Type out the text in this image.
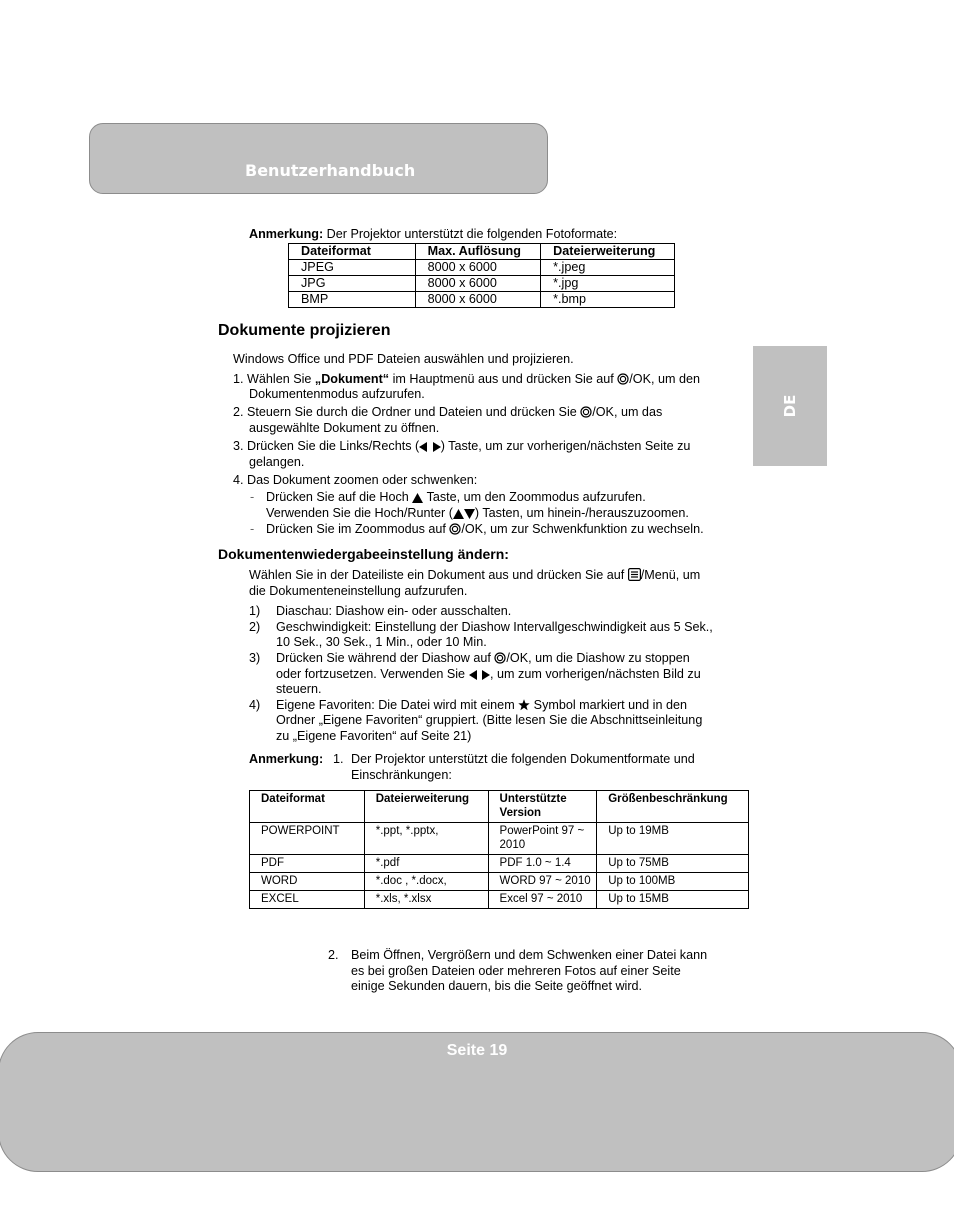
Benutzerhandbuch
DE
Anmerkung: Der Projektor unterstützt die folgenden Fotoformate:
Dateiformat	Max. Auflösung	Dateierweiterung
JPEG	8000 x 6000	*.jpeg
JPG	8000 x 6000	*.jpg
BMP	8000 x 6000	*.bmp
Dokumente projizieren
Windows Office und PDF Dateien auswählen und projizieren.
1. Wählen Sie „Dokument“ im Hauptmenü aus und drücken Sie auf /OK, um den
Dokumentenmodus aufzurufen.
2. Steuern Sie durch die Ordner und Dateien und drücken Sie /OK, um das
ausgewählte Dokument zu öffnen.
3. Drücken Sie die Links/Rechts ( ) Taste, um zur vorherigen/nächsten Seite zu
gelangen.
4. Das Dokument zoomen oder schwenken:
- Drücken Sie auf die Hoch  Taste, um den Zoommodus aufzurufen.
Verwenden Sie die Hoch/Runter ( ) Tasten, um hinein-/herauszuzoomen.
- Drücken Sie im Zoommodus auf /OK, um zur Schwenkfunktion zu wechseln.
Dokumentenwiedergabeeinstellung ändern:
Wählen Sie in der Dateiliste ein Dokument aus und drücken Sie auf /Menü, um
die Dokumenteneinstellung aufzurufen.
1) Diaschau: Diashow ein- oder ausschalten.
2) Geschwindigkeit: Einstellung der Diashow Intervallgeschwindigkeit aus 5 Sek.,
10 Sek., 30 Sek., 1 Min., oder 10 Min.
3) Drücken Sie während der Diashow auf /OK, um die Diashow zu stoppen
oder fortzusetzen. Verwenden Sie  , um zum vorherigen/nächsten Bild zu
steuern.
4) Eigene Favoriten: Die Datei wird mit einem  Symbol markiert und in den
Ordner „Eigene Favoriten“ gruppiert. (Bitte lesen Sie die Abschnittseinleitung
zu „Eigene Favoriten“ auf Seite 21)
Anmerkung: 1. Der Projektor unterstützt die folgenden Dokumentformate und
Einschränkungen:
Dateiformat	Dateierweiterung	Unterstützte Version	Größenbeschränkung
POWERPOINT	*.ppt, *.pptx,	PowerPoint 97 ~ 2010	Up to 19MB
PDF	*.pdf	PDF 1.0 ~ 1.4	Up to 75MB
WORD	*.doc , *.docx,	WORD 97 ~ 2010	Up to 100MB
EXCEL	*.xls, *.xlsx	Excel 97 ~ 2010	Up to 15MB
2. Beim Öffnen, Vergrößern und dem Schwenken einer Datei kann
es bei großen Dateien oder mehreren Fotos auf einer Seite
einige Sekunden dauern, bis die Seite geöffnet wird.
Seite 19
